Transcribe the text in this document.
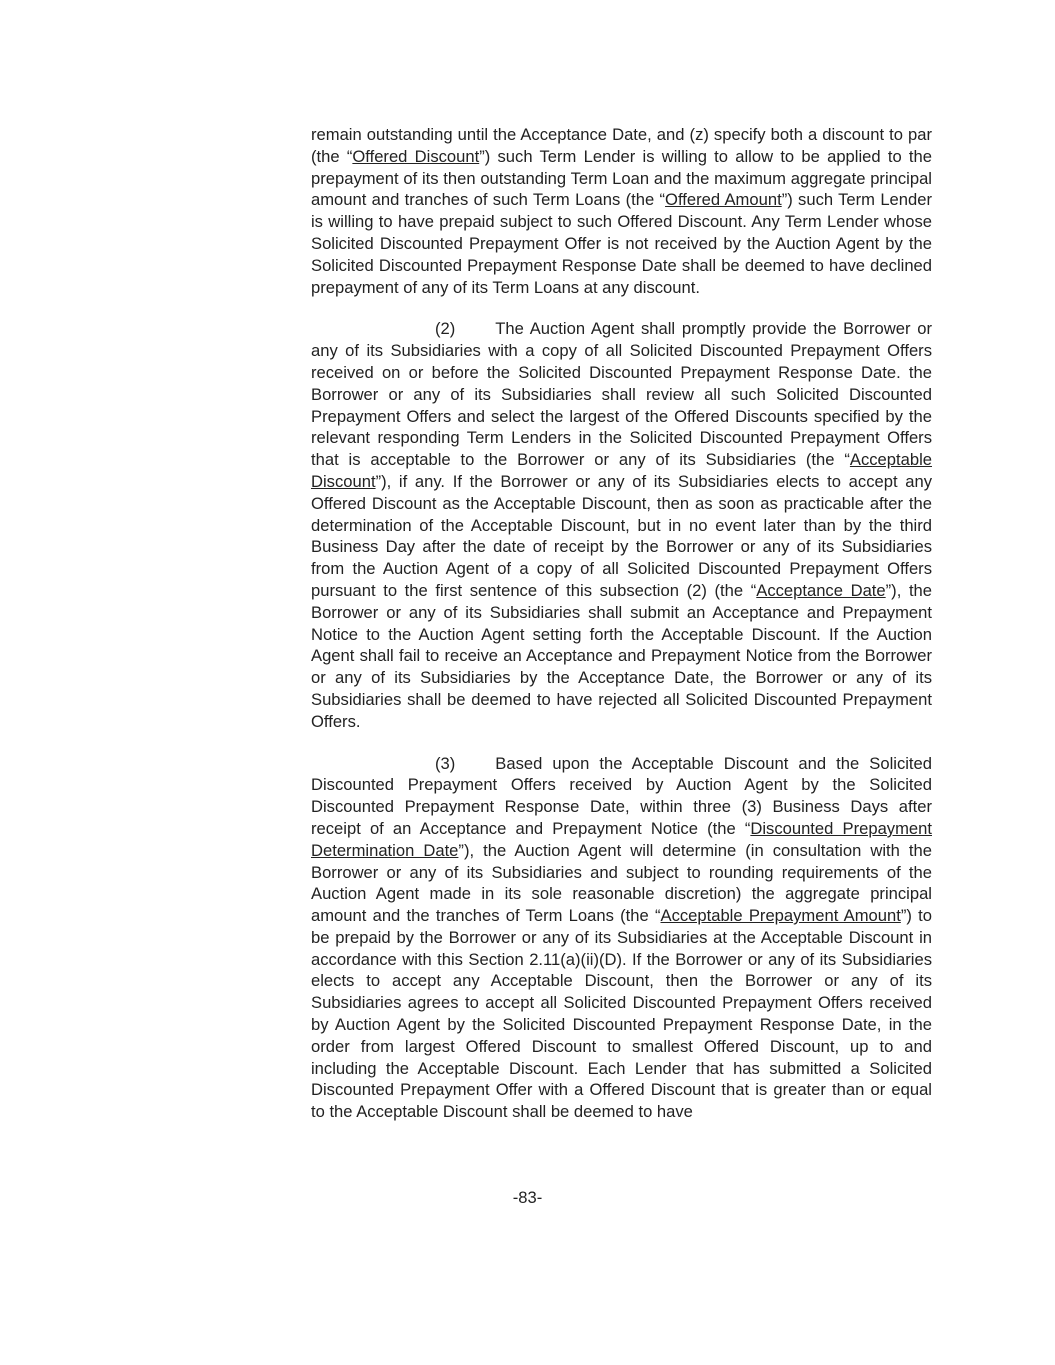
remain outstanding until the Acceptance Date, and (z) specify both a discount to par (the “Offered Discount”) such Term Lender is willing to allow to be applied to the prepayment of its then outstanding Term Loan and the maximum aggregate principal amount and tranches of such Term Loans (the “Offered Amount”) such Term Lender is willing to have prepaid subject to such Offered Discount. Any Term Lender whose Solicited Discounted Prepayment Offer is not received by the Auction Agent by the Solicited Discounted Prepayment Response Date shall be deemed to have declined prepayment of any of its Term Loans at any discount.

(2) The Auction Agent shall promptly provide the Borrower or any of its Subsidiaries with a copy of all Solicited Discounted Prepayment Offers received on or before the Solicited Discounted Prepayment Response Date. the Borrower or any of its Subsidiaries shall review all such Solicited Discounted Prepayment Offers and select the largest of the Offered Discounts specified by the relevant responding Term Lenders in the Solicited Discounted Prepayment Offers that is acceptable to the Borrower or any of its Subsidiaries (the “Acceptable Discount”), if any. If the Borrower or any of its Subsidiaries elects to accept any Offered Discount as the Acceptable Discount, then as soon as practicable after the determination of the Acceptable Discount, but in no event later than by the third Business Day after the date of receipt by the Borrower or any of its Subsidiaries from the Auction Agent of a copy of all Solicited Discounted Prepayment Offers pursuant to the first sentence of this subsection (2) (the “Acceptance Date”), the Borrower or any of its Subsidiaries shall submit an Acceptance and Prepayment Notice to the Auction Agent setting forth the Acceptable Discount. If the Auction Agent shall fail to receive an Acceptance and Prepayment Notice from the Borrower or any of its Subsidiaries by the Acceptance Date, the Borrower or any of its Subsidiaries shall be deemed to have rejected all Solicited Discounted Prepayment Offers.

(3) Based upon the Acceptable Discount and the Solicited Discounted Prepayment Offers received by Auction Agent by the Solicited Discounted Prepayment Response Date, within three (3) Business Days after receipt of an Acceptance and Prepayment Notice (the “Discounted Prepayment Determination Date”), the Auction Agent will determine (in consultation with the Borrower or any of its Subsidiaries and subject to rounding requirements of the Auction Agent made in its sole reasonable discretion) the aggregate principal amount and the tranches of Term Loans (the “Acceptable Prepayment Amount”) to be prepaid by the Borrower or any of its Subsidiaries at the Acceptable Discount in accordance with this Section 2.11(a)(ii)(D). If the Borrower or any of its Subsidiaries elects to accept any Acceptable Discount, then the Borrower or any of its Subsidiaries agrees to accept all Solicited Discounted Prepayment Offers received by Auction Agent by the Solicited Discounted Prepayment Response Date, in the order from largest Offered Discount to smallest Offered Discount, up to and including the Acceptable Discount. Each Lender that has submitted a Solicited Discounted Prepayment Offer with a Offered Discount that is greater than or equal to the Acceptable Discount shall be deemed to have

-83-
